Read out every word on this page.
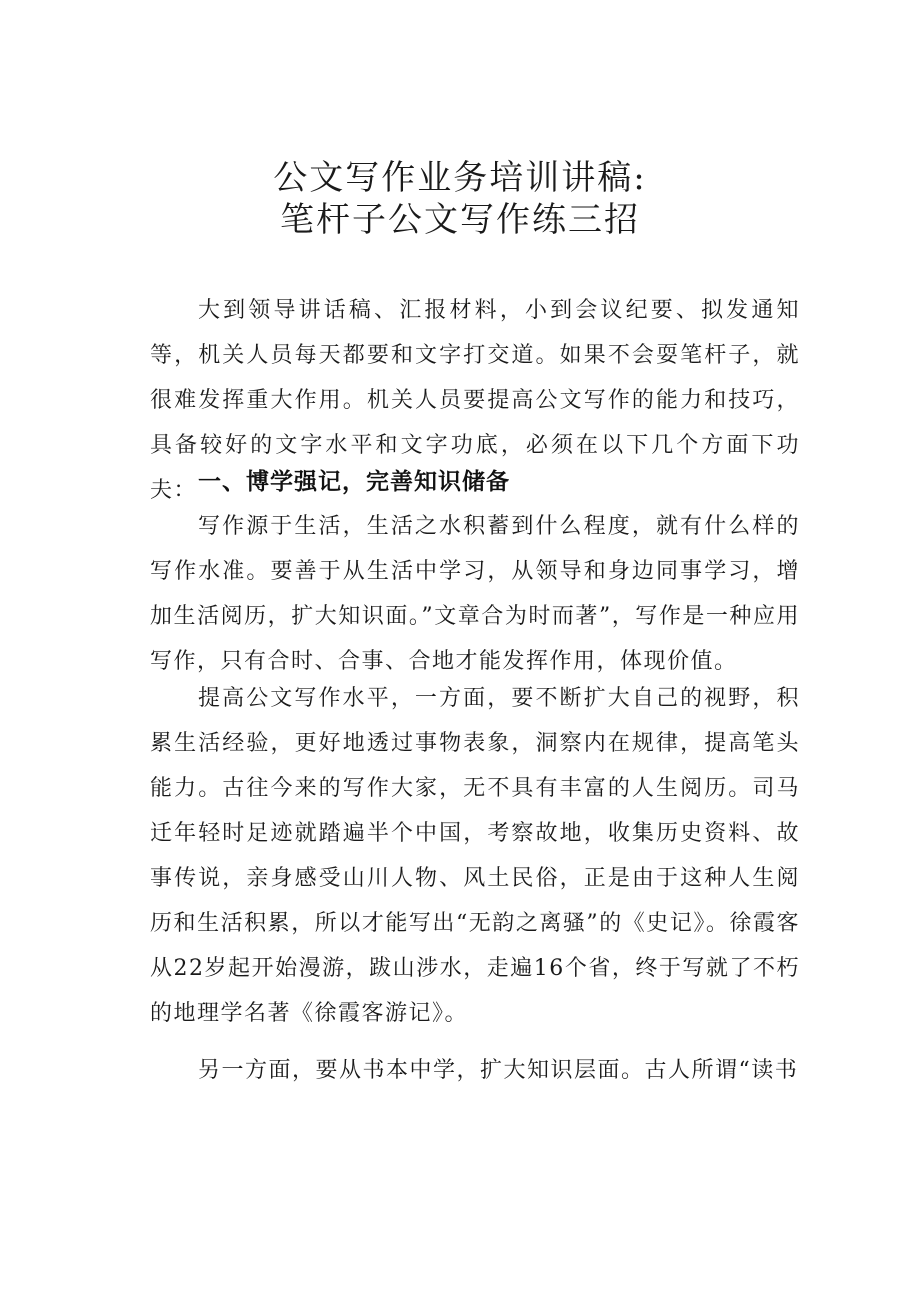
公文写作业务培训讲稿:
笔杆子公文写作练三招
大到领导讲话稿、汇报材料，小到会议纪要、拟发通知等，机关人员每天都要和文字打交道。如果不会耍笔杆子，就很难发挥重大作用。机关人员要提高公文写作的能力和技巧，具备较好的文字水平和文字功底，必须在以下几个方面下功夫： 一、博学强记，完善知识储备
写作源于生活，生活之水积蓄到什么程度，就有什么样的写作水准。要善于从生活中学习，从领导和身边同事学习，增加生活阅历，扩大知识面。”文章合为时而著”，写作是一种应用写作，只有合时、合事、合地才能发挥作用，体现价值。
提高公文写作水平，一方面，要不断扩大自己的视野，积累生活经验，更好地透过事物表象，洞察内在规律，提高笔头能力。古往今来的写作大家，无不具有丰富的人生阅历。司马迁年轻时足迹就踏遍半个中国，考察故地，收集历史资料、故事传说，亲身感受山川人物、风土民俗，正是由于这种人生阅历和生活积累，所以才能写出“无韵之离骚”的《史记》。徐霞客从22岁起开始漫游，跋山涉水，走遍16个省，终于写就了不朽的地理学名著《徐霞客游记》。
另一方面，要从书本中学，扩大知识层面。古人所谓“读书
